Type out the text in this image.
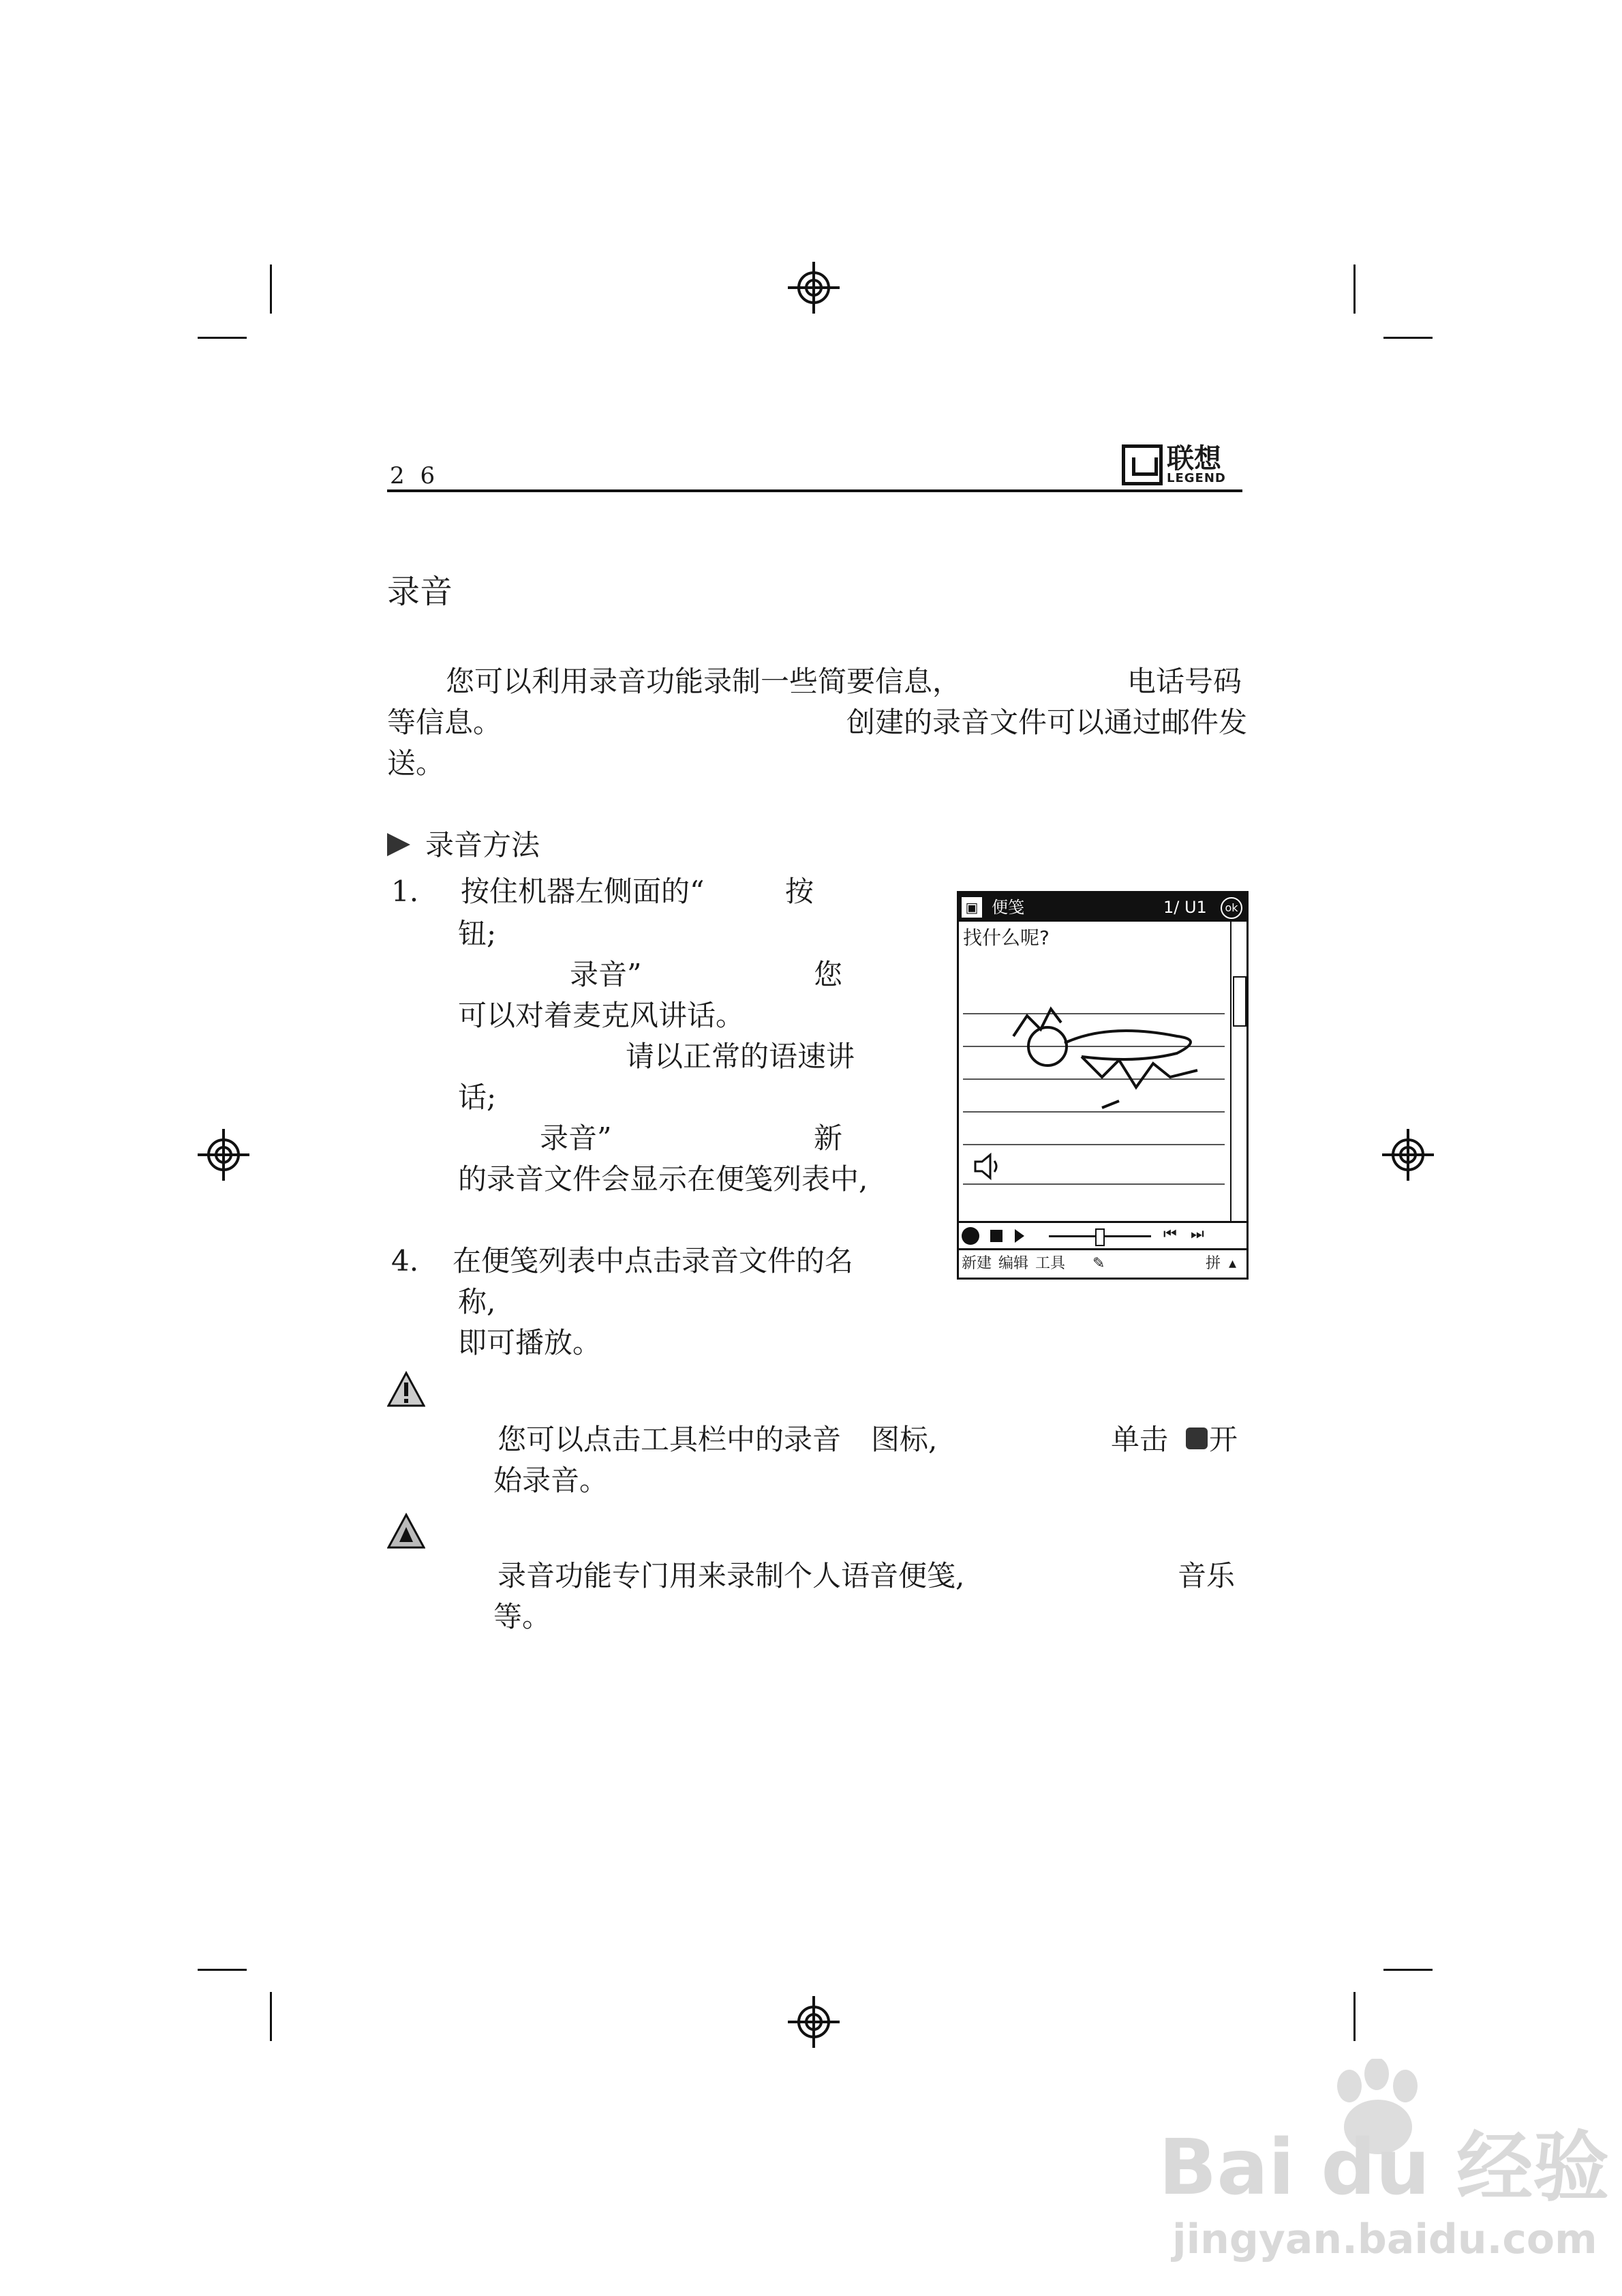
2 6
联想
LEGEND
录音
您可以利用录音功能录制一些简要信息，	电话号码
等信息。	创建的录音文件可以通过邮件发
送。
录音方法
1. 按住机器左侧面的“	按
钮;
录音”	您
可以对着麦克风讲话。
请以正常的语速讲
话;
录音”	新
的录音文件会显示在便笺列表中,
4. 在便笺列表中点击录音文件的名
称,
即可播放。
▣ 便笺	1/ U1	ok
找什么呢?
⏮ ⏭
新建 编辑 工具 ✎	拼 ▴
您可以点击工具栏中的录音 图标,	单击 开
始录音。
录音功能专门用来录制个人语音便笺,	音乐
等。
Bai du 经验
jingyan.baidu.com
